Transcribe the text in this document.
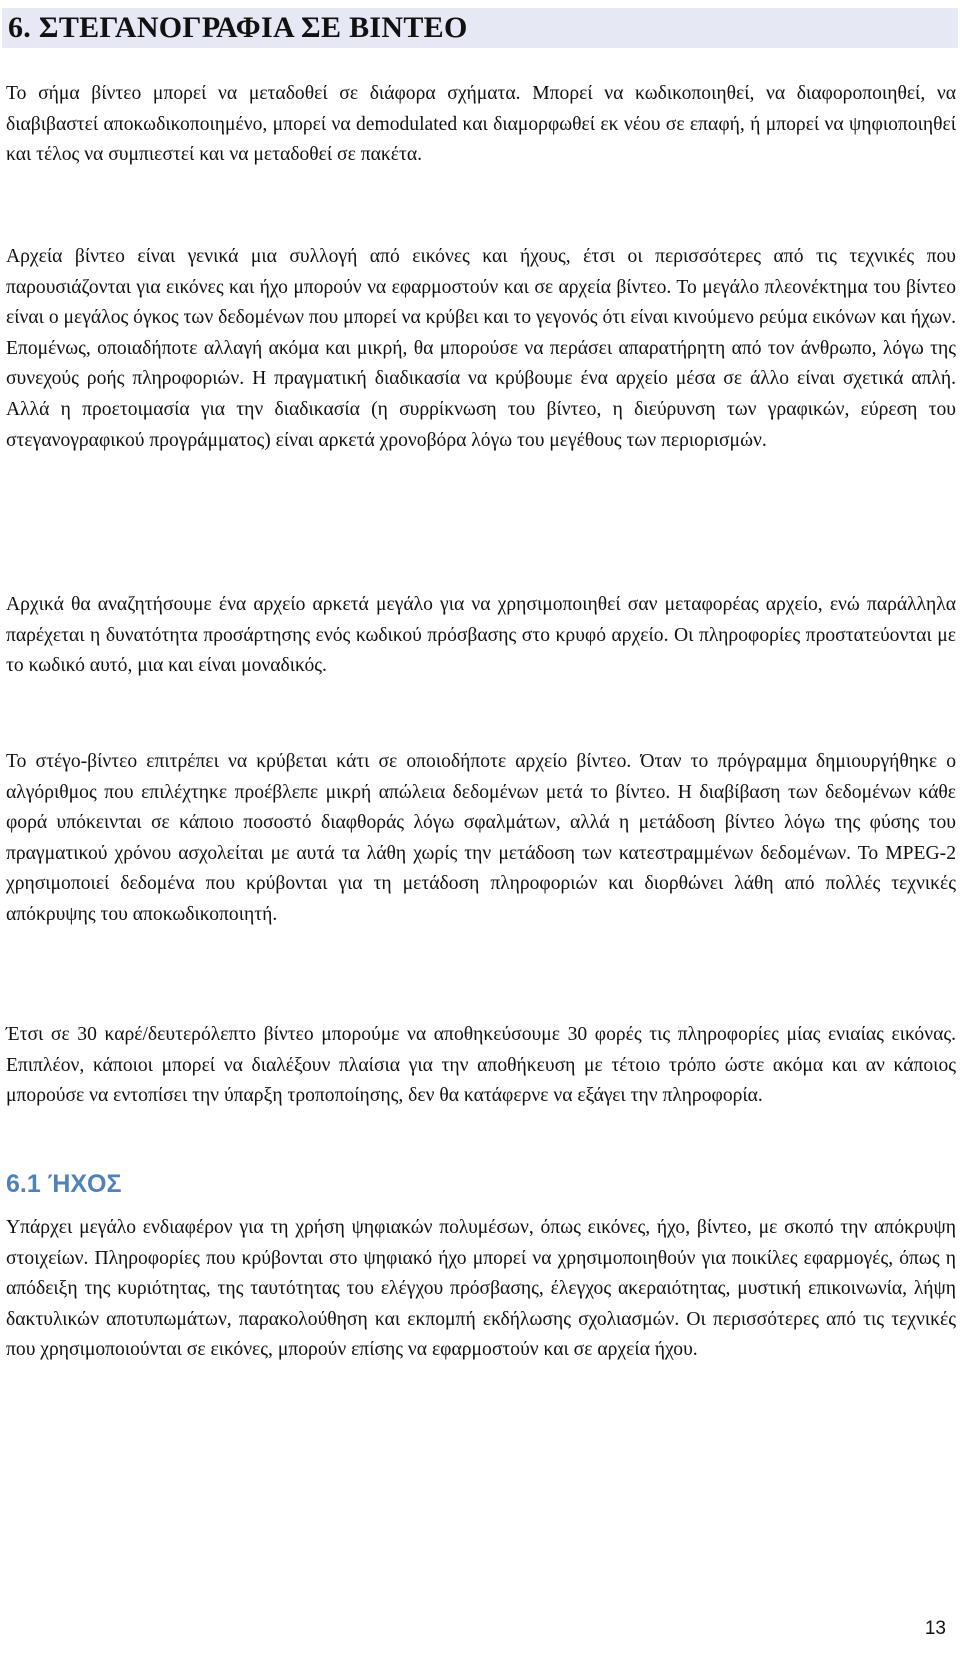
6. ΣΤΕΓΑΝΟΓΡΑΦΙΑ ΣΕ ΒΙΝΤΕΟ

Το σήμα βίντεο μπορεί να μεταδοθεί σε διάφορα σχήματα. Μπορεί να κωδικοποιηθεί, να διαφοροποιηθεί, να διαβιβαστεί αποκωδικοποιημένο, μπορεί να demodulated και διαμορφωθεί εκ νέου σε επαφή, ή μπορεί να ψηφιοποιηθεί και τέλος να συμπιεστεί και να μεταδοθεί σε πακέτα.

Αρχεία βίντεο είναι γενικά μια συλλογή από εικόνες και ήχους, έτσι οι περισσότερες από τις τεχνικές που παρουσιάζονται για εικόνες και ήχο μπορούν να εφαρμοστούν και σε αρχεία βίντεο. Το μεγάλο πλεονέκτημα του βίντεο είναι ο μεγάλος όγκος των δεδομένων που μπορεί να κρύβει και το γεγονός ότι είναι κινούμενο ρεύμα εικόνων και ήχων. Επομένως, οποιαδήποτε αλλαγή ακόμα και μικρή, θα μπορούσε να περάσει απαρατήρητη από τον άνθρωπο, λόγω της συνεχούς ροής πληροφοριών. Η πραγματική διαδικασία να κρύβουμε ένα αρχείο μέσα σε άλλο είναι σχετικά απλή. Αλλά η προετοιμασία για την διαδικασία (η συρρίκνωση του βίντεο, η διεύρυνση των γραφικών, εύρεση του στεγανογραφικού προγράμματος) είναι αρκετά χρονοβόρα λόγω του μεγέθους των περιορισμών.

Αρχικά θα αναζητήσουμε ένα αρχείο αρκετά μεγάλο για να χρησιμοποιηθεί σαν μεταφορέας αρχείο, ενώ παράλληλα παρέχεται η δυνατότητα προσάρτησης ενός κωδικού πρόσβασης στο κρυφό αρχείο. Οι πληροφορίες προστατεύονται με το κωδικό αυτό, μια και είναι μοναδικός.

Το στέγο-βίντεο επιτρέπει να κρύβεται κάτι σε οποιοδήποτε αρχείο βίντεο. Όταν το πρόγραμμα δημιουργήθηκε ο αλγόριθμος που επιλέχτηκε προέβλεπε μικρή απώλεια δεδομένων μετά το βίντεο. Η διαβίβαση των δεδομένων κάθε φορά υπόκεινται σε κάποιο ποσοστό διαφθοράς λόγω σφαλμάτων, αλλά η μετάδοση βίντεο λόγω της φύσης του πραγματικού χρόνου ασχολείται με αυτά τα λάθη χωρίς την μετάδοση των κατεστραμμένων δεδομένων. Το MPEG-2 χρησιμοποιεί δεδομένα που κρύβονται για τη μετάδοση πληροφοριών και διορθώνει λάθη από πολλές τεχνικές απόκρυψης του αποκωδικοποιητή.

Έτσι σε 30 καρέ/δευτερόλεπτο βίντεο μπορούμε να αποθηκεύσουμε 30 φορές τις πληροφορίες μίας ενιαίας εικόνας. Επιπλέον, κάποιοι μπορεί να διαλέξουν πλαίσια για την αποθήκευση με τέτοιο τρόπο ώστε ακόμα και αν κάποιος μπορούσε να εντοπίσει την ύπαρξη τροποποίησης, δεν θα κατάφερνε να εξάγει την πληροφορία.

6.1 ΉΧΟΣ

Υπάρχει μεγάλο ενδιαφέρον για τη χρήση ψηφιακών πολυμέσων, όπως εικόνες, ήχο, βίντεο, με σκοπό την απόκρυψη στοιχείων. Πληροφορίες που κρύβονται στο ψηφιακό ήχο μπορεί να χρησιμοποιηθούν για ποικίλες εφαρμογές, όπως η απόδειξη της κυριότητας, της ταυτότητας του ελέγχου πρόσβασης, έλεγχος ακεραιότητας, μυστική επικοινωνία, λήψη δακτυλικών αποτυπωμάτων, παρακολούθηση και εκπομπή εκδήλωσης σχολιασμών. Οι περισσότερες από τις τεχνικές που χρησιμοποιούνται σε εικόνες, μπορούν επίσης να εφαρμοστούν και σε αρχεία ήχου.

13
